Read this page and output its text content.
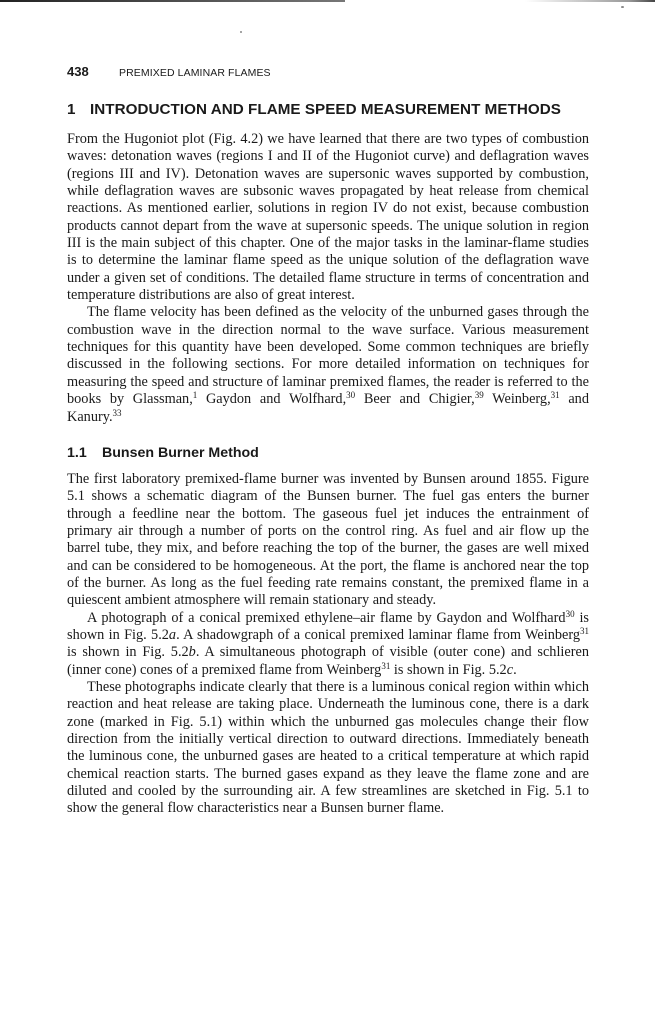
438	PREMIXED LAMINAR FLAMES
1 INTRODUCTION AND FLAME SPEED MEASUREMENT METHODS

From the Hugoniot plot (Fig. 4.2) we have learned that there are two types of combustion waves: detonation waves (regions I and II of the Hugoniot curve) and deflagration waves (regions III and IV). Detonation waves are supersonic waves supported by combustion, while deflagration waves are subsonic waves propagated by heat release from chemical reactions. As mentioned earlier, solutions in region IV do not exist, because combustion products cannot depart from the wave at supersonic speeds. The unique solution in region III is the main subject of this chapter. One of the major tasks in the laminar-flame studies is to determine the laminar flame speed as the unique solution of the deflagration wave under a given set of conditions. The detailed flame structure in terms of concentration and temperature distributions are also of great interest.

The flame velocity has been defined as the velocity of the unburned gases through the combustion wave in the direction normal to the wave surface. Various measurement techniques for this quantity have been developed. Some common techniques are briefly discussed in the following sections. For more detailed information on techniques for measuring the speed and structure of laminar premixed flames, the reader is referred to the books by Glassman,$^1$ Gaydon and Wolfhard,$^{30}$ Beer and Chigier,$^{39}$ Weinberg,$^{31}$ and Kanury.$^{33}$

1.1	Bunsen Burner Method

The first laboratory premixed-flame burner was invented by Bunsen around 1855. Figure 5.1 shows a schematic diagram of the Bunsen burner. The fuel gas enters the burner through a feedline near the bottom. The gaseous fuel jet induces the entrainment of primary air through a number of ports on the control ring. As fuel and air flow up the barrel tube, they mix, and before reaching the top of the burner, the gases are well mixed and can be considered to be homogeneous. At the port, the flame is anchored near the top of the burner. As long as the fuel feeding rate remains constant, the premixed flame in a quiescent ambient atmosphere will remain stationary and steady.

A photograph of a conical premixed ethylene–air flame by Gaydon and Wolfhard$^{30}$ is shown in Fig. 5.2a. A shadowgraph of a conical premixed laminar flame from Weinberg$^{31}$ is shown in Fig. 5.2b. A simultaneous photograph of visible (outer cone) and schlieren (inner cone) cones of a premixed flame from Weinberg$^{31}$ is shown in Fig. 5.2c.

These photographs indicate clearly that there is a luminous conical region within which reaction and heat release are taking place. Underneath the luminous cone, there is a dark zone (marked in Fig. 5.1) within which the unburned gas molecules change their flow direction from the initially vertical direction to outward directions. Immediately beneath the luminous cone, the unburned gases are heated to a critical temperature at which rapid chemical reaction starts. The burned gases expand as they leave the flame zone and are diluted and cooled by the surrounding air. A few streamlines are sketched in Fig. 5.1 to show the general flow characteristics near a Bunsen burner flame.
